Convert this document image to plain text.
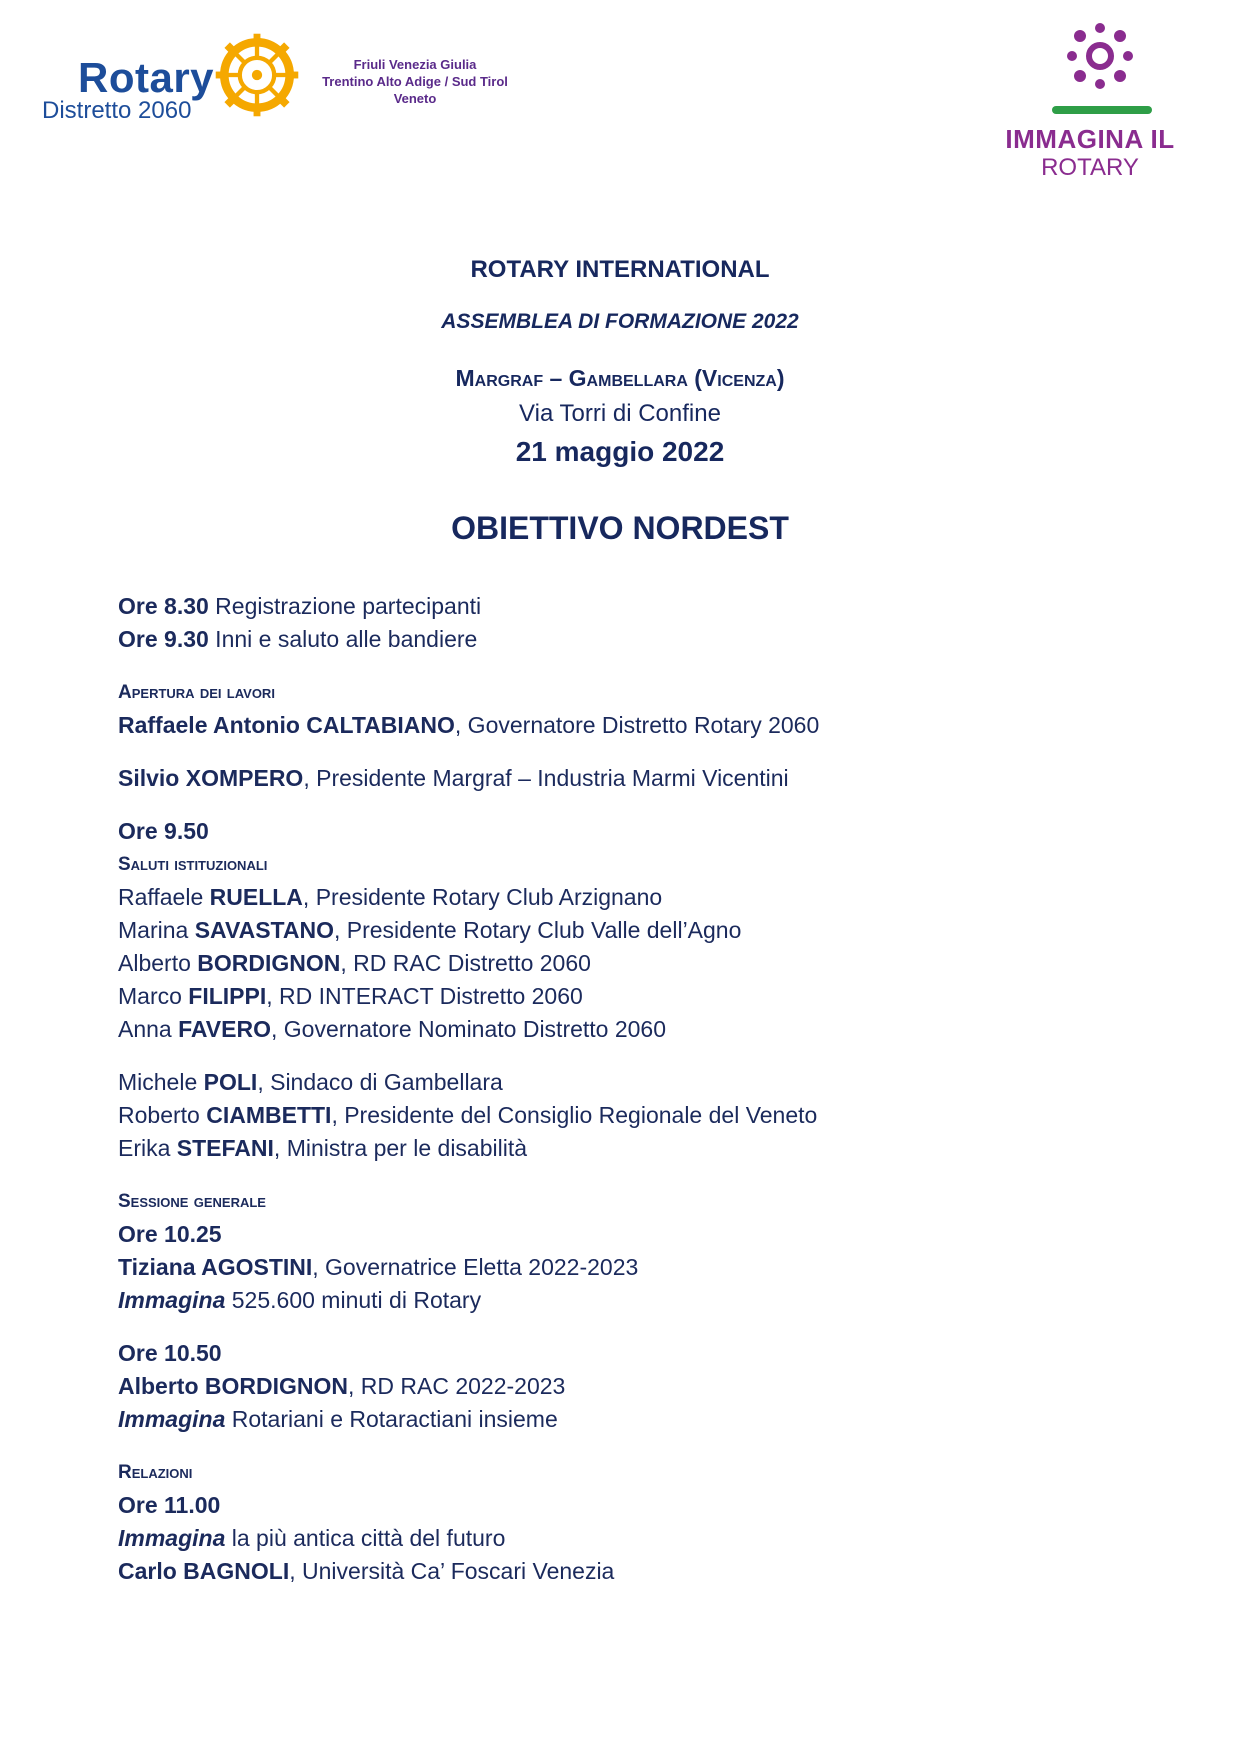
Rotary
Distretto 2060
Friuli Venezia Giulia
Trentino Alto Adige / Sud Tirol
Veneto
IMMAGINA IL
ROTARY
ROTARY INTERNATIONAL
ASSEMBLEA DI FORMAZIONE 2022
Margraf – Gambellara (Vicenza)
Via Torri di Confine
21 maggio 2022
OBIETTIVO NORDEST
Ore 8.30 Registrazione partecipanti
Ore 9.30 Inni e saluto alle bandiere
Apertura dei lavori
Raffaele Antonio CALTABIANO, Governatore Distretto Rotary 2060
Silvio XOMPERO, Presidente Margraf – Industria Marmi Vicentini
Ore 9.50
Saluti istituzionali
Raffaele RUELLA, Presidente Rotary Club Arzignano
Marina SAVASTANO, Presidente Rotary Club Valle dell’Agno
Alberto BORDIGNON, RD RAC Distretto 2060
Marco FILIPPI, RD INTERACT Distretto 2060
Anna FAVERO, Governatore Nominato Distretto 2060
Michele POLI, Sindaco di Gambellara
Roberto CIAMBETTI, Presidente del Consiglio Regionale del Veneto
Erika STEFANI, Ministra per le disabilità
Sessione generale
Ore 10.25
Tiziana AGOSTINI, Governatrice Eletta 2022-2023
Immagina 525.600 minuti di Rotary
Ore 10.50
Alberto BORDIGNON, RD RAC 2022-2023
Immagina Rotariani e Rotaractiani insieme
Relazioni
Ore 11.00
Immagina la più antica città del futuro
Carlo BAGNOLI, Università Ca’ Foscari Venezia
